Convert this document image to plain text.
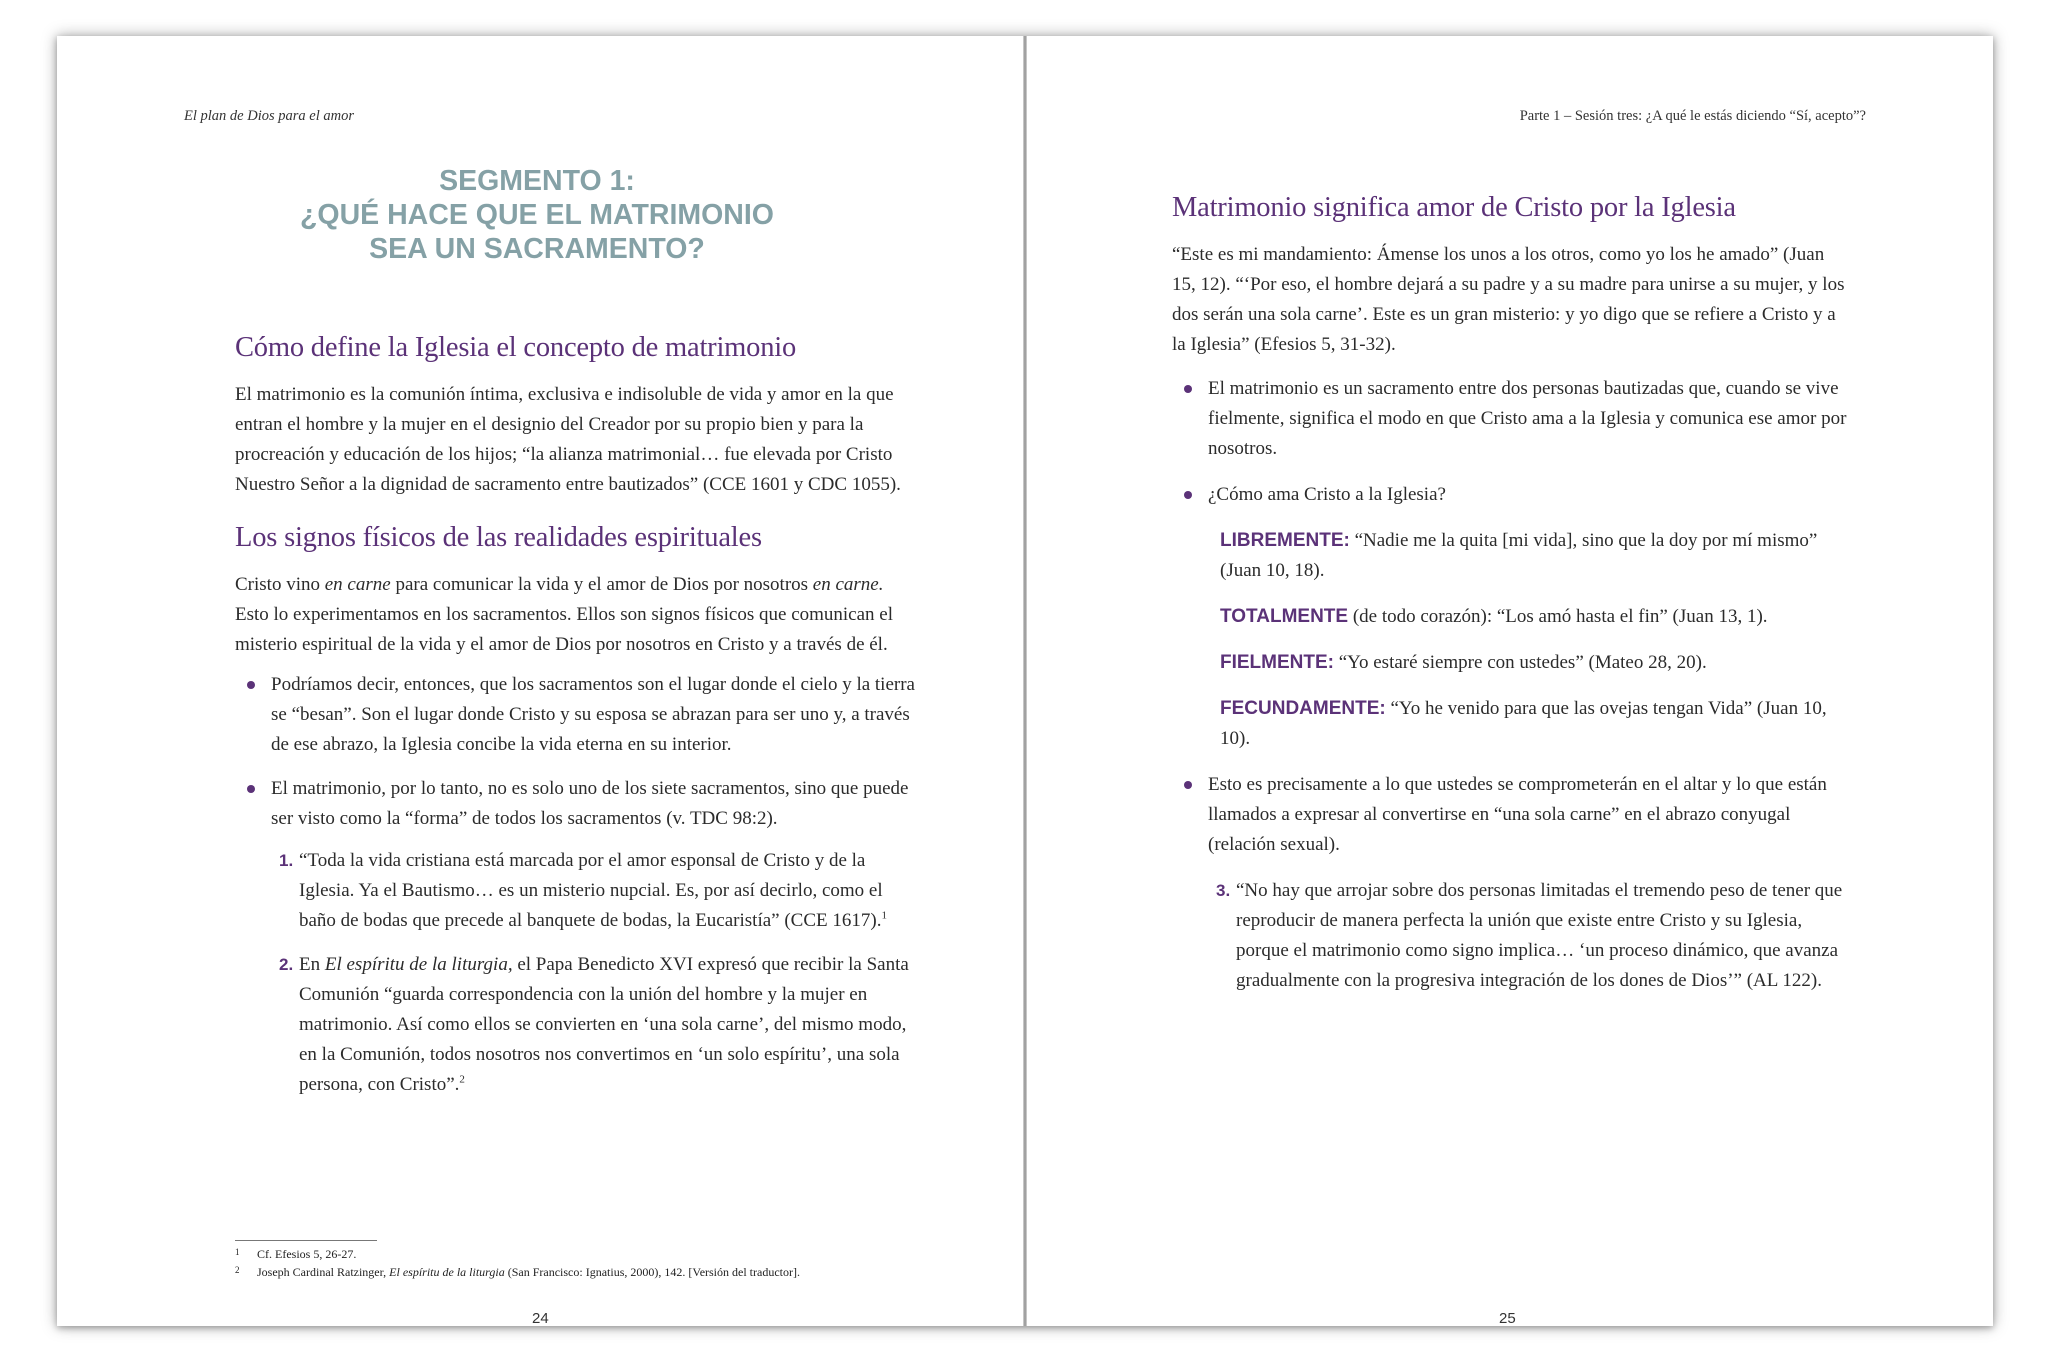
El plan de Dios para el amor
SEGMENTO 1:
¿QUÉ HACE QUE EL MATRIMONIO
SEA UN SACRAMENTO?
Cómo define la Iglesia el concepto de matrimonio

El matrimonio es la comunión íntima, exclusiva e indisoluble de vida y amor en la que entran el hombre y la mujer en el designio del Creador por su propio bien y para la procreación y educación de los hijos; “la alianza matrimonial… fue elevada por Cristo Nuestro Señor a la dignidad de sacramento entre bautizados” (CCE 1601 y CDC 1055).

Los signos físicos de las realidades espirituales

Cristo vino en carne para comunicar la vida y el amor de Dios por nosotros en carne. Esto lo experimentamos en los sacramentos. Ellos son signos físicos que comunican el misterio espiritual de la vida y el amor de Dios por nosotros en Cristo y a través de él.

Podríamos decir, entonces, que los sacramentos son el lugar donde el cielo y la tierra se “besan”. Son el lugar donde Cristo y su esposa se abrazan para ser uno y, a través de ese abrazo, la Iglesia concibe la vida eterna en su interior.
El matrimonio, por lo tanto, no es solo uno de los siete sacramentos, sino que puede ser visto como la “forma” de todos los sacramentos (v. TDC 98:2).
1. “Toda la vida cristiana está marcada por el amor esponsal de Cristo y de la Iglesia. Ya el Bautismo… es un misterio nupcial. Es, por así decirlo, como el baño de bodas que precede al banquete de bodas, la Eucaristía” (CCE 1617).$^1$
2. En El espíritu de la liturgia, el Papa Benedicto XVI expresó que recibir la Santa Comunión “guarda correspondencia con la unión del hombre y la mujer en matrimonio. Así como ellos se convierten en ‘una sola carne’, del mismo modo, en la Comunión, todos nosotros nos convertimos en ‘un solo espíritu’, una sola persona, con Cristo”.$^2$
1 Cf. Efesios 5, 26-27.
2 Joseph Cardinal Ratzinger, El espíritu de la liturgia (San Francisco: Ignatius, 2000), 142. [Versión del traductor].
24
Parte 1 – Sesión tres: ¿A qué le estás diciendo “Sí, acepto”?
Matrimonio significa amor de Cristo por la Iglesia

“Este es mi mandamiento: Ámense los unos a los otros, como yo los he amado” (Juan 15, 12). “‘Por eso, el hombre dejará a su padre y a su madre para unirse a su mujer, y los dos serán una sola carne’. Este es un gran misterio: y yo digo que se refiere a Cristo y a la Iglesia” (Efesios 5, 31-32).

El matrimonio es un sacramento entre dos personas bautizadas que, cuando se vive fielmente, significa el modo en que Cristo ama a la Iglesia y comunica ese amor por nosotros.
¿Cómo ama Cristo a la Iglesia?

LIBREMENTE: “Nadie me la quita [mi vida], sino que la doy por mí mismo” (Juan 10, 18).

TOTALMENTE (de todo corazón): “Los amó hasta el fin” (Juan 13, 1).

FIELMENTE: “Yo estaré siempre con ustedes” (Mateo 28, 20).

FECUNDAMENTE: “Yo he venido para que las ovejas tengan Vida” (Juan 10, 10).

Esto es precisamente a lo que ustedes se comprometerán en el altar y lo que están llamados a expresar al convertirse en “una sola carne” en el abrazo conyugal (relación sexual).
3. “No hay que arrojar sobre dos personas limitadas el tremendo peso de tener que reproducir de manera perfecta la unión que existe entre Cristo y su Iglesia, porque el matrimonio como signo implica… ‘un proceso dinámico, que avanza gradualmente con la progresiva integración de los dones de Dios’” (AL 122).
25
